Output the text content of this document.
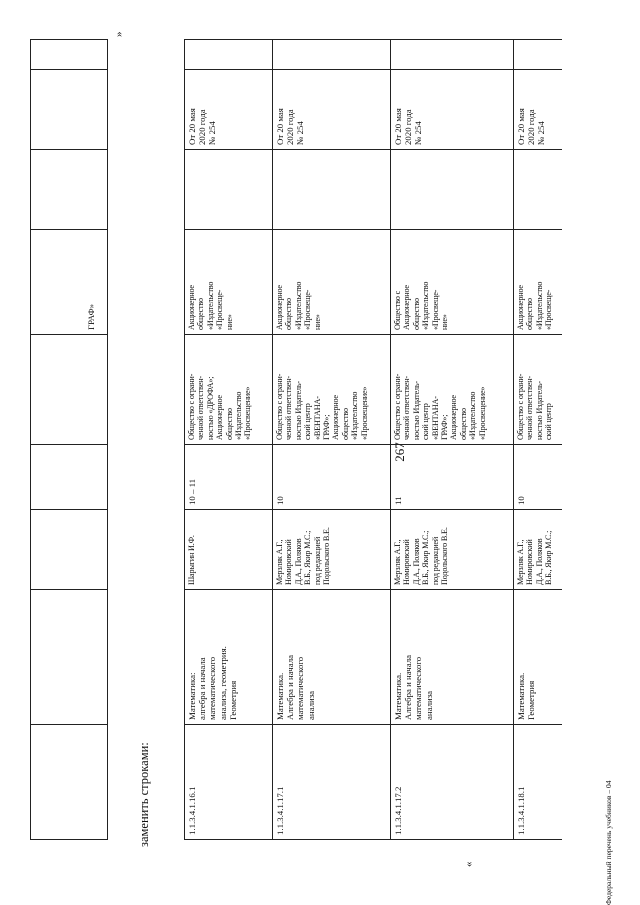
267
Федеральный перечень учебников – 04
«
»
заменить строками:
ГРАФ»
1.1.3.4.1.16.1
Математика:
алгебра и начала
математического
анализа, геометрия.
Геометрия
Шарыгин И.Ф.
10 – 11
Общество с ограни-
ченной ответствен-
ностью «ДРОФА»;
Акционерное
общество
«Издательство
«Просвещение»
Акционерное
общество
«Издательство
«Просвеще-
ние»
От 20 мая
2020 года
№ 254
1.1.3.4.1.17.1
Математика.
Алгебра и начала
математического
анализа
Мерзляк А.Г.,
Номировский
Д.А., Поляков
В.Б., Якир М.С.;
под редакцией
Подольского В.Е.
10
Общество с ограни-
ченной ответствен-
ностью Издатель-
ский центр
«ВЕНТАНА-
ГРАФ»;
Акционерное
общество
«Издательство
«Просвещение»
Акционерное
общество
«Издательство
«Просвеще-
ние»
От 20 мая
2020 года
№ 254
1.1.3.4.1.17.2
Математика.
Алгебра и начала
математического
анализа
Мерзляк А.Г.,
Номировский
Д.А., Поляков
В.Б., Якир М.С.;
под редакцией
Подольского В.Е.
11
Общество с ограни-
ченной ответствен-
ностью Издатель-
ский центр
«ВЕНТАНА-
ГРАФ»;
Акционерное
общество
«Издательство
«Просвещение»
Общество с
Акционерное
общество
«Издательство
«Просвеще-
ние»
От 20 мая
2020 года
№ 254
1.1.3.4.1.18.1
Математика.
Геометрия
Мерзляк А.Г.,
Номировский
Д.А., Поляков
В.Б., Якир М.С.;
10
Общество с ограни-
ченной ответствен-
ностью Издатель-
ский центр
Акционерное
общество
«Издательство
«Просвеще-
От 20 мая
2020 года
№ 254
